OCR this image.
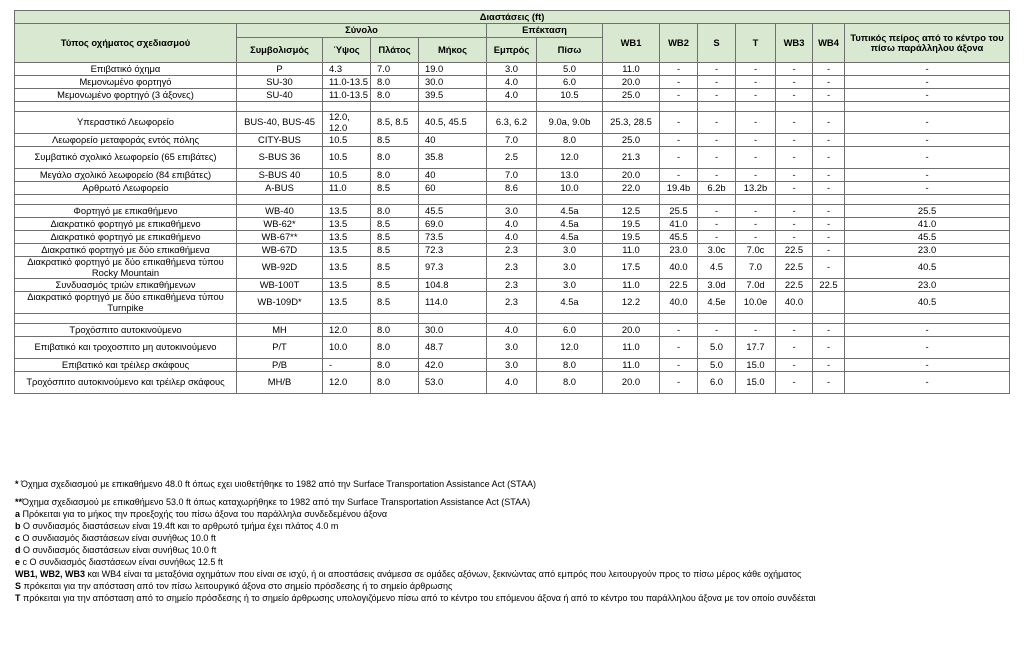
Διαστάσεις (ft)													
Τύπος οχήματος σχεδιασμού	Σύνολο				Επέκταση		WB1	WB2	S	T	WB3	WB4	Τυπικός πείρος από το κέντρο του πίσω παράλληλου άξονα
	Συμβολισμός	Ύψος	Πλάτος	Μήκος	Εμπρός	Πίσω							
Επιβατικό όχημα	P	4.3	7.0	19.0	3.0	5.0	11.0	-	-	-	-	-	-
Μεμονωμένο φορτηγό	SU-30	11.0-13.5	8.0	30.0	4.0	6.0	20.0	-	-	-	-	-	-
Μεμονωμένο φορτηγό (3 άξονες)	SU-40	11.0-13.5	8.0	39.5	4.0	10.5	25.0	-	-	-	-	-	-

Υπεραστικό Λεωφορείο	BUS-40, BUS-45	12.0, 12.0	8.5, 8.5	40.5, 45.5	6.3, 6.2	9.0a, 9.0b	25.3, 28.5	-	-	-	-	-	-
Λεωφορείο μεταφοράς εντός πόλης	CITY-BUS	10.5	8.5	40	7.0	8.0	25.0	-	-	-	-	-	-
Συμβατικό σχολικό λεωφορείο (65 επιβάτες)	S-BUS 36	10.5	8.0	35.8	2.5	12.0	21.3	-	-	-	-	-	-
Μεγάλο σχολικό λεωφορείο (84 επιβάτες)	S-BUS 40	10.5	8.0	40	7.0	13.0	20.0	-	-	-	-	-	-
Αρθρωτό Λεωφορείο	A-BUS	11.0	8.5	60	8.6	10.0	22.0	19.4b	6.2b	13.2b	-	-	-

Φορτηγό με επικαθήμενο	WB-40	13.5	8.0	45.5	3.0	4.5a	12.5	25.5	-	-	-	-	25.5
Διακρατικό φορτηγό με επικαθήμενο	WB-62*	13.5	8.5	69.0	4.0	4.5a	19.5	41.0	-	-	-	-	41.0
Διακρατικό φορτηγό με επικαθήμενο	WB-67**	13.5	8.5	73.5	4.0	4.5a	19.5	45.5	-	-	-	-	45.5
Διακρατικό φορτηγό με δύο επικαθήμενα	WB-67D	13.5	8.5	72.3	2.3	3.0	11.0	23.0	3.0c	7.0c	22.5	-	23.0
Διακρατικό φορτηγό με δύο επικαθήμενα τύπου Rocky Mountain	WB-92D	13.5	8.5	97.3	2.3	3.0	17.5	40.0	4.5	7.0	22.5	-	40.5
Συνδυασμός τριών επικαθήμενων	WB-100T	13.5	8.5	104.8	2.3	3.0	11.0	22.5	3.0d	7.0d	22.5	22.5	23.0
Διακρατικό φορτηγό με δύο επικαθήμενα τύπου Turnpike	WB-109D*	13.5	8.5	114.0	2.3	4.5a	12.2	40.0	4.5e	10.0e	40.0		40.5

Τροχόσπιτο αυτοκινούμενο	MH	12.0	8.0	30.0	4.0	6.0	20.0	-	-	-	-	-	-
Επιβατικό και τροχοσπιτο μη αυτοκινούμενο	P/T	10.0	8.0	48.7	3.0	12.0	11.0	-	5.0	17.7	-	-	-
Επιβατικό και τρέιλερ σκάφους	P/B	-	8.0	42.0	3.0	8.0	11.0	-	5.0	15.0	-	-	-
Τροχόσπιτο αυτοκινούμενο και τρέιλερ σκάφους	MH/B	12.0	8.0	53.0	4.0	8.0	20.0	-	6.0	15.0	-	-	-
* Όχημα σχεδιασμού με επικαθήμενο 48.0 ft όπως εχει υιοθετήθηκε το 1982 από την Surface Transportation Assistance Act (STAA)
**Όχημα σχεδιασμού με επικαθήμενο 53.0 ft όπως καταχωρήθηκε το 1982 από την Surface Transportation Assistance Act (STAA)
a Πρόκειται για το μήκος την προεξοχής του πίσω άξονα του παράλληλα συνδεδεμένου άξονα
b Ο συνδιασμός διαστάσεων είναι 19.4ft και το αρθρωτό τμήμα έχει πλάτος 4.0 m
c Ο συνδιασμός διαστάσεων είναι συνήθως 10.0 ft
d Ο συνδιασμός διαστάσεων είναι συνήθως 10.0 ft
e c Ο συνδιασμός διαστάσεων είναι συνήθως 12.5 ft
WB1, WB2, WB3 και WB4 είναι τα μεταξόνια οχημάτων που είναι σε ισχύ, ή οι αποστάσεις ανάμεσα σε ομάδες αξόνων, ξεκινώντας από εμπρός που λειτουργούν προς το πίσω μέρος κάθε οχήματος
S πρόκειται για την απόσταση από τον πίσω λειτουργικό άξονα στο σημείο πρόσδεσης ή το σημείο άρθρωσης
T πρόκειται για την απόσταση από το σημείο πρόσδεσης ή το σημείο άρθρωσης υπολογιζόμενο πίσω από το κέντρο του επόμενου άξονα ή από το κέντρο του παράλληλου άξονα με τον οποίο συνδέεται
